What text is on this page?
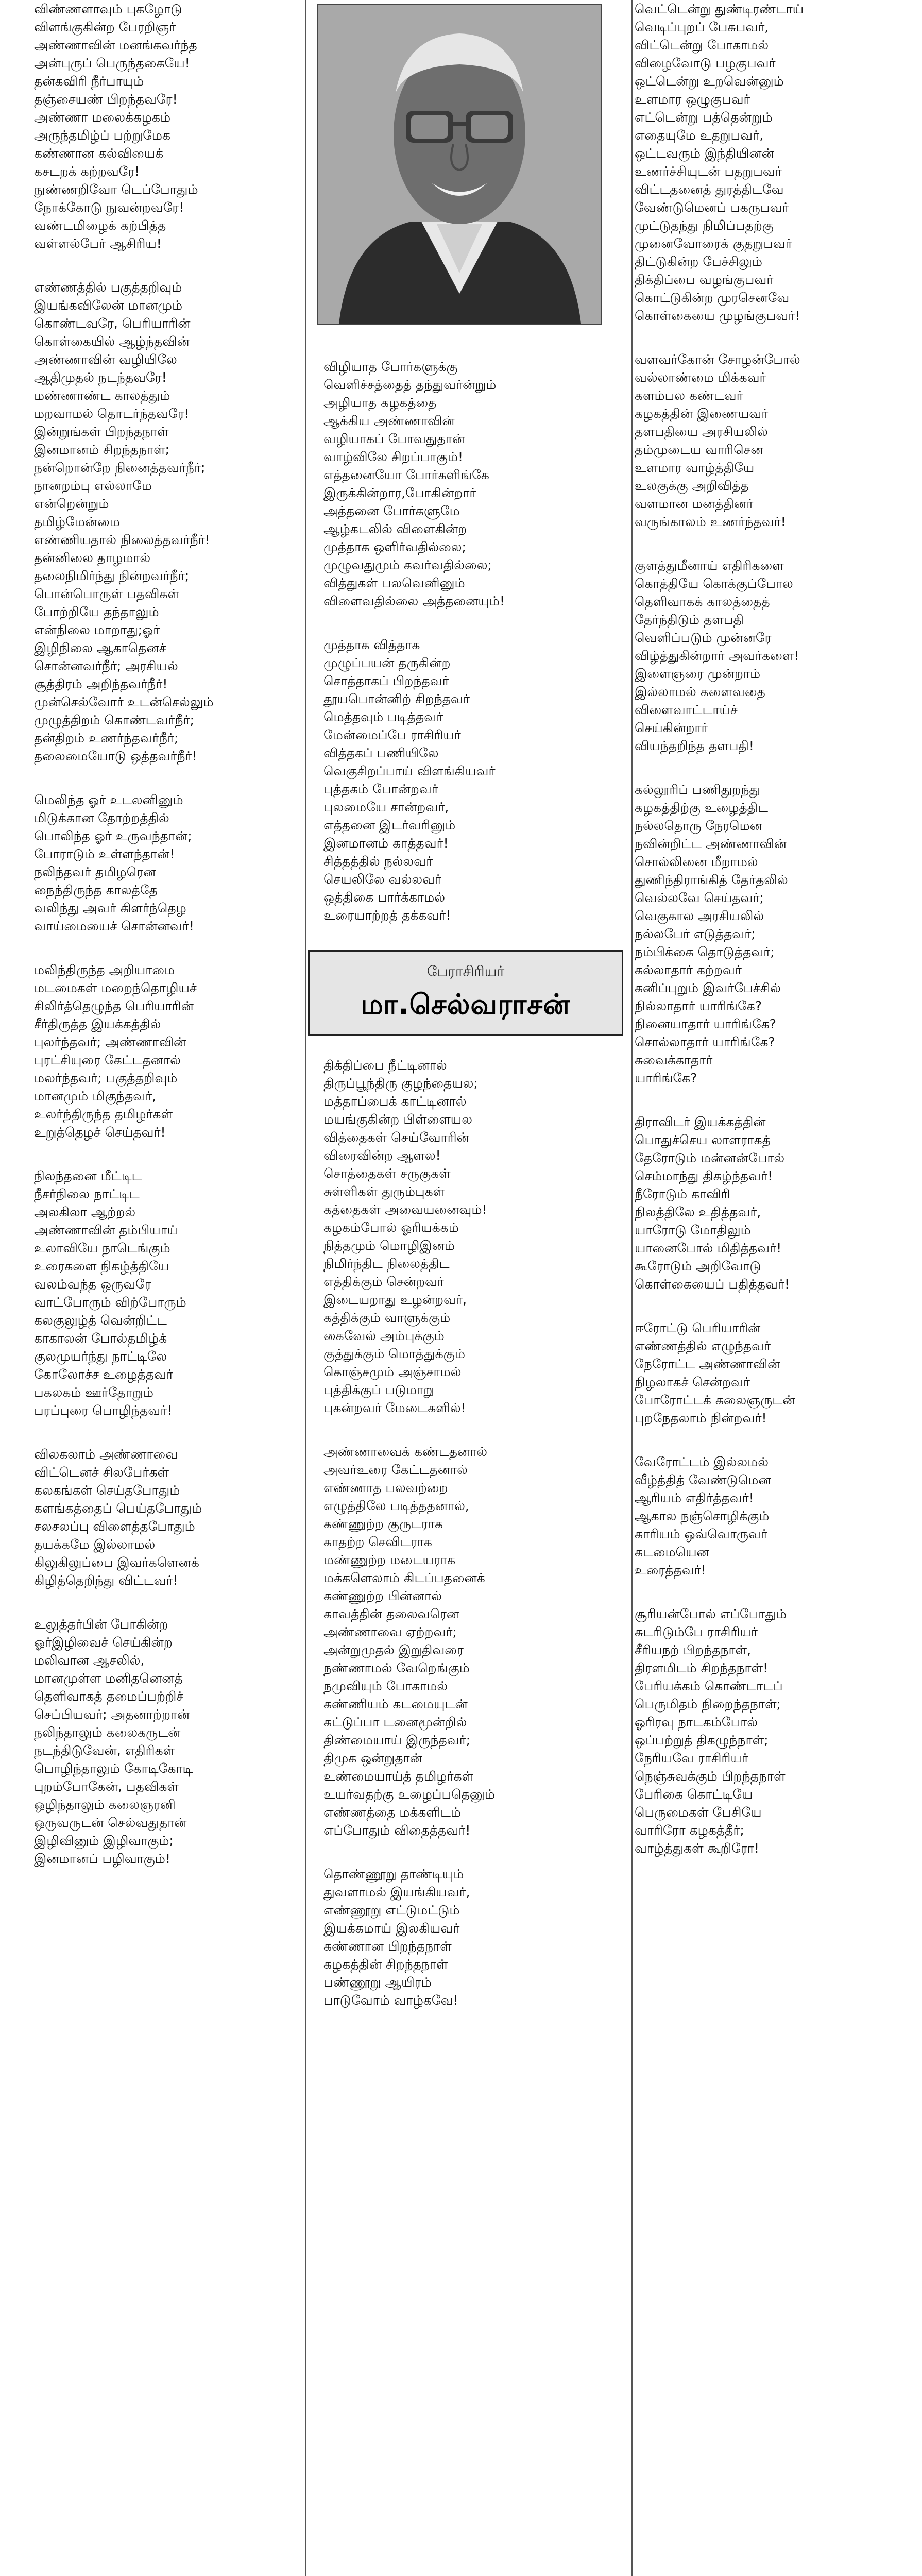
விண்ணளாவும் புகழோடு
விளங்குகின்ற பேரறிஞர்
அண்ணாவின் மனங்கவர்ந்த
அன்புருப் பெருந்தகையே!
தன்கவிரி நீர்பாயும்
தஞ்சையண் பிறந்தவரே!
அண்ணா மலைக்கழகம்
அருந்தமிழ்ப் பற்றுமேக
கண்ணான கல்வியைக்
கசடறக் கற்றவரே!
நுண்ணறிவோ டெப்போதும்
நோக்கோடு நுவன்றவரே!
வண்டமிழைக் கற்பித்த
வள்ளல்பேர் ஆசிரிய!
எண்ணத்தில் பகுத்தறிவும்
இயங்கவிலேன் மானமும்
கொண்டவரே, பெரியாரின்
கொள்கையில் ஆழ்ந்தவின்
அண்ணாவின் வழியிலே
ஆதிமுதல் நடந்தவரே!
மண்ணாண்ட காலத்தும்
மறவாமல் தொடர்ந்தவரே!
இன்றுங்கள் பிறந்தநாள்
இனமானம் சிறந்தநாள்;
நன்றொன்றே நினைத்தவர்நீர்;
நானறம்பு எல்லாமே
என்றென்றும்
தமிழ்மேன்மை
எண்ணியதால் நிலைத்தவர்நீர்!
தன்னிலை தாழமால்
தலைநிமிர்ந்து நின்றவர்நீர்;
பொன்பொருள் பதவிகள்
போற்றியே தந்தாலும்
என்நிலை மாறாது;ஓர்
இழிநிலை ஆகாதெனச்
சொன்னவர்நீர்; அரசியல்
சூத்திரம் அறிந்தவர்நீர்!
முன்செல்வோர் உடன்செல்லும்
முழுத்திறம் கொண்டவர்நீர்;
தன்திறம் உணர்ந்தவர்நீர்;
தலைமையோடு ஒத்தவர்நீர்!
மெலிந்த ஓர் உடலனினும்
மிடுக்கான தோற்றத்தில்
பொலிந்த ஓர் உருவந்தான்;
போராடும் உள்ளந்தான்!
நலிந்தவர் தமிழரென
நைந்திருந்த காலத்தே
வலிந்து அவர் கிளர்ந்தெழ
வாய்மையைச் சொன்னவர்!
மலிந்திருந்த அறியாமை
மடமைகள் மறைந்தொழியச்
சிலிர்த்தெழுந்த பெரியாரின்
சீர்திருத்த இயக்கத்தில்
புலர்ந்தவர்; அண்ணாவின்
புரட்சியுரை கேட்டதனால்
மலர்ந்தவர்; பகுத்தறிவும்
மானமும் மிகுந்தவர்,
உலர்ந்திருந்த தமிழர்கள்
உறுத்தெழச் செய்தவர்!
நிலந்தனை மீட்டிட
நீசர்நிலை நாட்டிட
அலகிலா ஆற்றல்
அண்ணாவின் தம்பியாய்
உலாவியே நாடெங்கும்
உரைகளை நிகழ்த்தியே
வலம்வந்த ஒருவரே
வாட்போரும் விற்போரும்
கலகுலுழ்த் வென்றிட்ட
காகாலன் போல்தமிழ்க்
குலமுயர்ந்து நாட்டிலே
கோலோச்ச உழைத்தவர்
பகலகம் ஊர்தோறும்
பரப்புரை பொழிந்தவர்!
விலகலாம் அண்ணாவை
விட்டெனச் சிலபேர்கள்
கலகங்கள் செய்தபோதும்
களங்கத்தைப் பெய்தபோதும்
சலசலப்பு விளைத்தபோதும்
தயக்கமே இல்லாமல்
கிலுகிலுப்பை இவர்களெனக்
கிழித்தெறிந்து விட்டவர்!
உலுத்தர்பின் போகின்ற
ஓர்இழிவைச் செய்கின்ற
மலிவான ஆசலில்,
மானமுள்ள மனிதனெனத்
தெளிவாகத் தமைப்பற்றிச்
செப்பியவர்; அதனாற்றான்
நலிந்தாலும் கலைகருடன்
நடந்திடுவேன், எதிரிகள்
பொழிந்தாலும் கோடிகோடி
புறம்போகேன், பதவிகள்
ஒழிந்தாலும் கலைஞரனி
ஒருவருடன் செல்வதுதான்
இழிவினும் இழிவாகும்;
இனமானப் பழிவாகும்!
விழியாத போர்களுக்கு
வெளிச்சத்தைத் தந்துவர்ன்றும்
அழியாத கழகத்தை
ஆக்கிய அண்ணாவின்
வழியாகப் போவதுதான்
வாழ்விலே சிறப்பாகும்!
எத்தனையோ போர்களிங்கே
இருக்கின்றார,போகின்றார்
அத்தனை போர்களுமே
ஆழ்கடலில் விளைகின்ற
முத்தாக ஒளிர்வதில்லை;
முழுவதுமும் கவர்வதில்லை;
வித்துகள் பலவெனினும்
விளைவதில்லை அத்தனையும்!
முத்தாக வித்தாக
முழுப்பயன் தருகின்ற
சொத்தாகப் பிறந்தவர்
தூயபொன்னிற் சிறந்தவர்
மெத்தவும் படித்தவர்
மேன்மைப்பே ராசிரியர்
வித்தகப் பணியிலே
வெகுசிறப்பாய் விளங்கியவர்
புத்தகம் போன்றவர்
புலமையே சான்றவர்,
எத்தனை இடர்வரினும்
இனமானம் காத்தவர்!
சித்தத்தில் நல்லவர்
செயலிலே வல்லவர்
ஒத்திகை பார்க்காமல்
உரையாற்றத் தக்கவர்!
பேராசிரியர்
மா.செல்வராசன்
திக்திப்பை நீட்டினால்
திருப்பூந்திரு குழந்தையல;
மத்தாப்பைக் காட்டினால்
மயங்குகின்ற பிள்ளையல
வித்தைகள் செய்வோரின்
விரைவின்ற ஆளல!
சொத்தைகள் சருகுகள்
சுள்ளிகள் துரும்புகள்
கத்தைகள் அவையனைவும்!
கழகம்போல் ஓரியக்கம்
நித்தமும் மொழிஇனம்
நிமிர்ந்திட நிலைத்திட
எத்திக்கும் சென்றவர்
இடையறாது உழன்றவர்,
கத்திக்கும் வாளுக்கும்
கைவேல் அம்புக்கும்
குத்துக்கும் மொத்துக்கும்
கொஞ்சமும் அஞ்சாமல்
புத்திக்குப் படுமாறு
புகன்றவர் மேடைகளில்!
அண்ணாவைக் கண்டதனால்
அவர்உரை கேட்டதனால்
எண்ணாத பலவற்றை
எழுத்திலே படித்ததனால்,
கண்ணுற்ற குருடராக
காதற்ற செவிடராக
மண்ணுற்ற மடையராக
மக்களெலாம் கிடப்பதனைக்
கண்ணுற்ற பின்னால்
காவத்தின் தலைவரென
அண்ணாவை ஏற்றவர்;
அன்றுமுதல் இறுதிவரை
நண்ணாமல் வேறெங்கும்
நமுவியும் போகாமல்
கண்ணியம் கடமையுடன்
கட்டுப்பா டனைமூன்றில்
திண்மையாய் இருந்தவர்;
திமுக ஒன்றுதான்
உண்மையாய்த் தமிழர்கள்
உயர்வதற்கு உழைப்பதெனும்
எண்ணத்தை மக்களிடம்
எப்போதும் விதைத்தவர்!
தொண்ணூறு தாண்டியும்
துவளாமல் இயங்கியவர்,
எண்ணூறு எட்டுமட்டும்
இயக்கமாய் இலகியவர்
கண்ணான பிறந்தநாள்
கழகத்தின் சிறந்தநாள்
பண்ணூறு ஆயிரம்
பாடுவோம் வாழ்கவே!
வெட்டென்று துண்டிரண்டாய்
வெடிப்புறப் பேசுபவர்,
விட்டென்று போகாமல்
விழைவோடு பழகுபவர்
ஒட்டென்று உறவென்னும்
உளமார ஒழுகுபவர்
எட்டென்று பத்தென்றும்
எதையுமே உதறுபவர்,
ஒட்டவரும் இந்தியினன்
உணர்ச்சியுடன் பதறுபவர்
விட்டதனைத் துரத்திடவே
வேண்டுமெனப் பகருபவர்
முட்டுதந்து நிமிப்பதற்கு
முனைவோரைக் குதறுபவர்
திட்டுகின்ற பேச்சிலும்
திக்திப்பை வழங்குபவர்
கொட்டுகின்ற முரசெனவே
கொள்கையை முழங்குபவர்!
வளவர்கோன் சோழன்போல்
வல்லாண்மை மிக்கவர்
களம்பல கண்டவர்
கழகத்தின் இணையவர்
தளபதியை அரசியலில்
தம்முடைய வாரிசென
உளமார வாழ்த்தியே
உலகுக்கு அறிவித்த
வளமான மனத்தினர்
வருங்காலம் உணர்ந்தவர்!
குளத்துமீனாய் எதிரிகளை
கொத்தியே கொக்குப்போல
தெளிவாகக் காலத்தைத்
தேர்ந்திடும் தளபதி
வெளிப்படும் முன்னரே
விழ்த்துகின்றார் அவர்களை!
இளைஞரை முன்றாம்
இல்லாமல் களைவதை
விளைவாட்டாய்ச்
செய்கின்றார்
வியந்தறிந்த தளபதி!
கல்லூரிப் பணிதுறந்து
கழகத்திற்கு உழைத்திட
நல்லதொரு நேரமென
நவின்றிட்ட அண்ணாவின்
சொல்லினை மீறாமல்
துணிந்திராங்கித் தேர்தலில்
வெல்லவே செய்தவர்;
வெகுகால அரசியலில்
நல்லபேர் எடுத்தவர்;
நம்பிக்கை தொடுத்தவர்;
கல்லாதார் கற்றவர்
கனிப்புறும் இவர்பேச்சில்
நில்லாதார் யாரிங்கே?
நினையாதார் யாரிங்கே?
சொல்லாதார் யாரிங்கே?
சுவைக்காதார்
யாரிங்கே?
திராவிடர் இயக்கத்தின்
பொதுச்செய லாளராகத்
தேரோடும் மன்னன்போல்
செம்மாந்து திகழ்ந்தவர்!
நீரோடும் காவிரி
நிலத்திலே உதித்தவர்,
யாரோடு மோதிலும்
யானைபோல் மிதித்தவர்!
கூரோடும் அறிவோடு
கொள்கையைப் பதித்தவர்!
ஈரோட்டு பெரியாரின்
எண்ணத்தில் எழுந்தவர்
நேரோட்ட அண்ணாவின்
நிழலாகச் சென்றவர்
போரோட்டக் கலைஞருடன்
புறநேதலாம் நின்றவர்!
வேரோட்டம் இல்லமல்
வீழ்த்தித் வேண்டுமென
ஆரியம் எதிர்த்தவர்!
ஆகால நஞ்சொழிக்கும்
காரியம் ஒவ்வொருவர்
கடமையென
உரைத்தவர்!
சூரியன்போல் எப்போதும்
சுடரிடும்பே ராசிரியர்
சீரியநற் பிறந்தநாள்,
திரளமிடம் சிறந்தநாள்!
பேரியக்கம் கொண்டாடப்
பெருமிதம் நிறைந்தநாள்;
ஓரிரவு நாடகம்போல்
ஒப்பற்றுத் திகழுந்நாள்;
நேரியவே ராசிரியர்
நெஞ்சுவக்கும் பிறந்தநாள்
பேரிகை கொட்டியே
பெருமைகள் பேசியே
வாரிரோ கழகத்தீர்;
வாழ்த்துகள் கூறிரோ!
